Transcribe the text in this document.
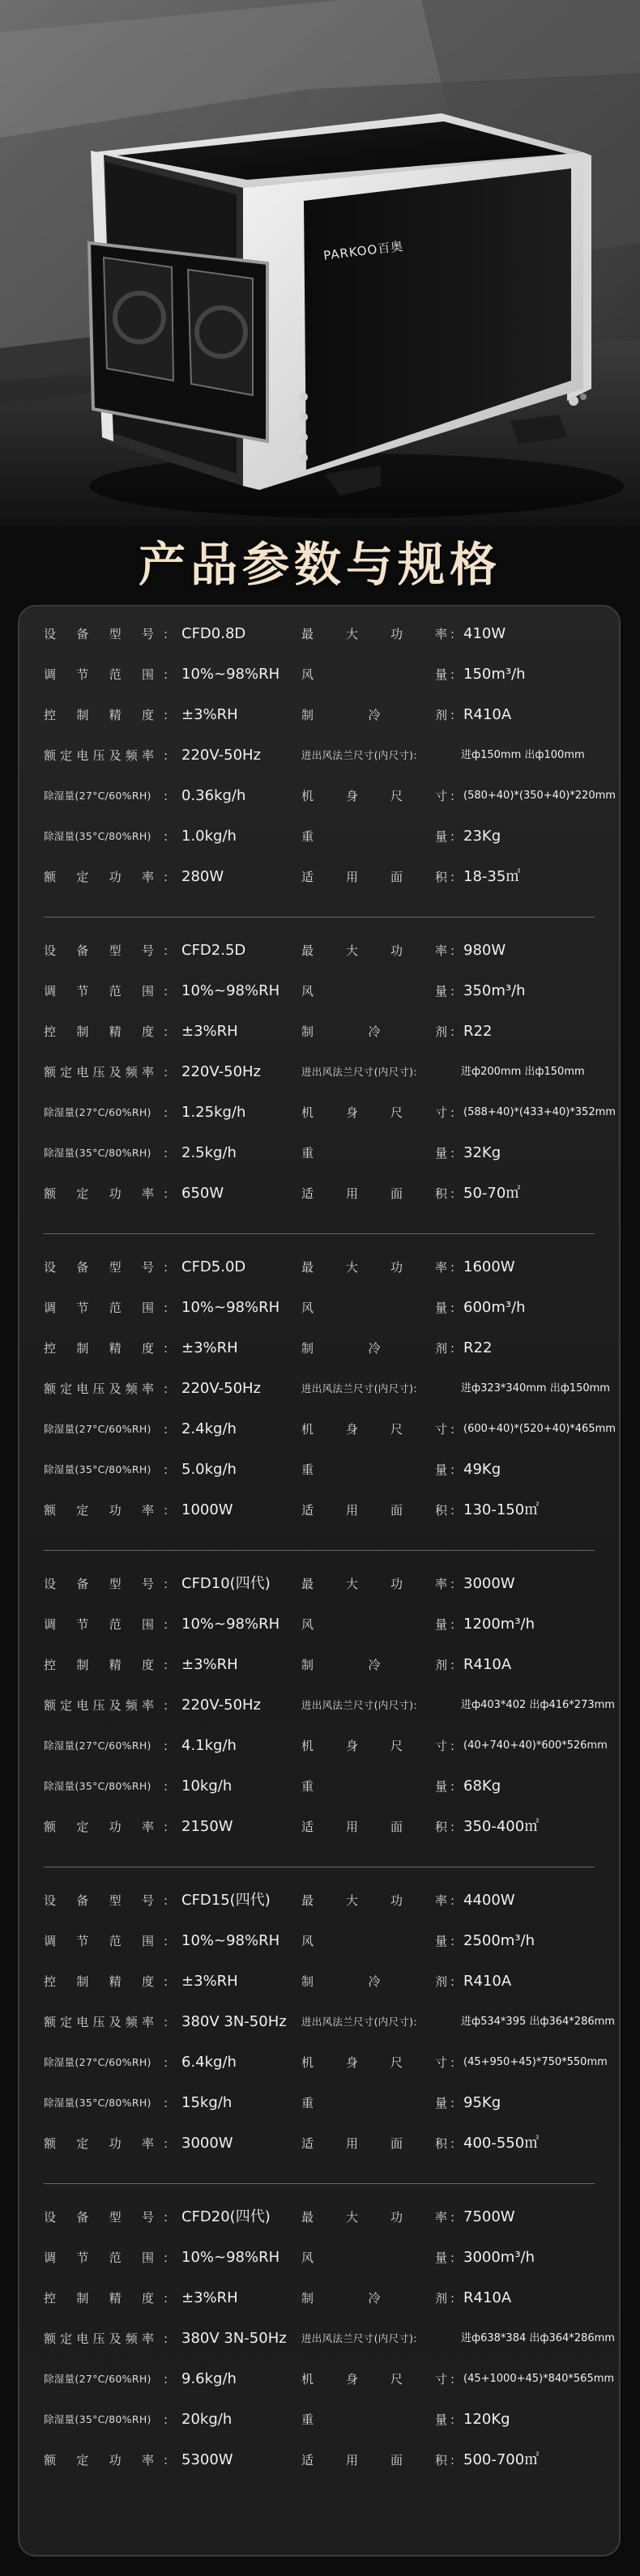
PARKOO百奥
产品参数与规格
设 备 型 号 : CFD0.8D	最	大	功	率 : 410W
调 节 范 围 : 10%~98%RH 风	量 : 150m³/h
控 制 精 度 : ±3%RH	制	冷	剂 : R410A
额 定 电 压 及 频 率 : 220V-50Hz	进出风法兰尺寸(内尺寸):	进ф150mm 出ф100mm
除湿量(27°C/60%RH) : 0.36kg/h	机	身	尺	寸 : (580+40)*(350+40)*220mm
除湿量(35°C/80%RH) : 1.0kg/h	重	量 : 23Kg
额 定 功 率 : 280W	适	用	面	积 : 18-35㎡
设 备 型 号 : CFD2.5D	最	大	功	率 : 980W
调 节 范 围 : 10%~98%RH 风	量 : 350m³/h
控 制 精 度 : ±3%RH	制	冷	剂 : R22
额 定 电 压 及 频 率 : 220V-50Hz	进出风法兰尺寸(内尺寸):	进ф200mm 出ф150mm
除湿量(27°C/60%RH) : 1.25kg/h	机	身	尺	寸 : (588+40)*(433+40)*352mm
除湿量(35°C/80%RH) : 2.5kg/h	重	量 : 32Kg
额 定 功 率 : 650W	适	用	面	积 : 50-70㎡
设 备 型 号 : CFD5.0D	最	大	功	率 : 1600W
调 节 范 围 : 10%~98%RH 风	量 : 600m³/h
控 制 精 度 : ±3%RH	制	冷	剂 : R22
额 定 电 压 及 频 率 : 220V-50Hz	进出风法兰尺寸(内尺寸):	进ф323*340mm 出ф150mm
除湿量(27°C/60%RH) : 2.4kg/h	机	身	尺	寸 : (600+40)*(520+40)*465mm
除湿量(35°C/80%RH) : 5.0kg/h	重	量 : 49Kg
额 定 功 率 : 1000W	适	用	面	积 : 130-150㎡
设 备 型 号 : CFD10(四代)	最	大	功	率 : 3000W
调 节 范 围 : 10%~98%RH 风	量 : 1200m³/h
控 制 精 度 : ±3%RH	制	冷	剂 : R410A
额 定 电 压 及 频 率 : 220V-50Hz	进出风法兰尺寸(内尺寸):	进ф403*402 出ф416*273mm
除湿量(27°C/60%RH) : 4.1kg/h	机	身	尺	寸 : (40+740+40)*600*526mm
除湿量(35°C/80%RH) : 10kg/h	重	量 : 68Kg
额 定 功 率 : 2150W	适	用	面	积 : 350-400㎡
设 备 型 号 : CFD15(四代)	最	大	功	率 : 4400W
调 节 范 围 : 10%~98%RH 风	量 : 2500m³/h
控 制 精 度 : ±3%RH	制	冷	剂 : R410A
额 定 电 压 及 频 率 : 380V 3N-50Hz 进出风法兰尺寸(内尺寸):	进ф534*395 出ф364*286mm
除湿量(27°C/60%RH) : 6.4kg/h	机	身	尺	寸 : (45+950+45)*750*550mm
除湿量(35°C/80%RH) : 15kg/h	重	量 : 95Kg
额 定 功 率 : 3000W	适	用	面	积 : 400-550㎡
设 备 型 号 : CFD20(四代)	最	大	功	率 : 7500W
调 节 范 围 : 10%~98%RH 风	量 : 3000m³/h
控 制 精 度 : ±3%RH	制	冷	剂 : R410A
额 定 电 压 及 频 率 : 380V 3N-50Hz 进出风法兰尺寸(内尺寸):	进ф638*384 出ф364*286mm
除湿量(27°C/60%RH) : 9.6kg/h	机	身	尺	寸 : (45+1000+45)*840*565mm
除湿量(35°C/80%RH) : 20kg/h	重	量 : 120Kg
额 定 功 率 : 5300W	适	用	面	积 : 500-700㎡
